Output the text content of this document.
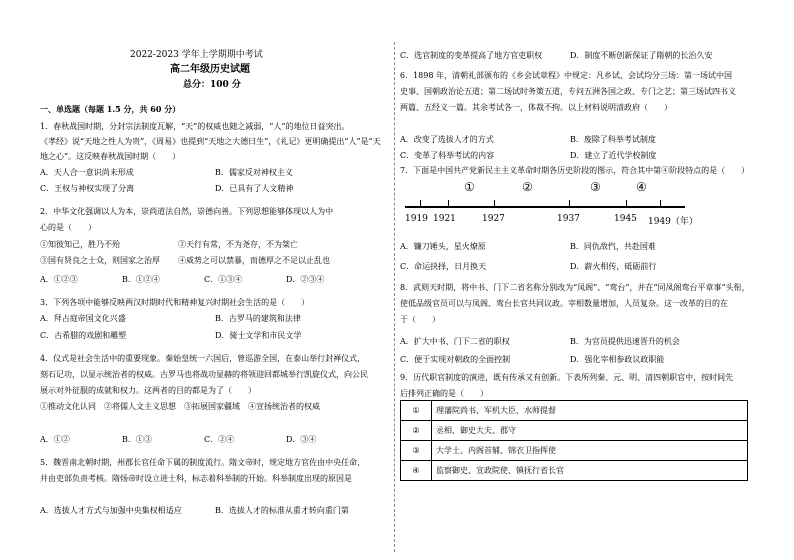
2022-2023 学年上学期期中考试
高二年级历史试题
总分：100 分
一、单选题（每题 1.5 分，共 60 分）
1．春秋战国时期，分封宗法制度瓦解，“天”的权威也随之减弱，“人”的地位日益突出。
《孝经》说“天地之性人为贵”，《周易》也提到“天地之大德曰生”，《礼记》更明确提出“人”是“天
地之心”。这反映春秋战国时期（　　）
A．天人合一意识尚未形成	B．儒家反对神权主义
C．王权与神权实现了分离	D．已具有了人文精神
2．中华文化强调以人为本，崇尚道法自然，崇德向善。下列思想能够体现以人为中
心的是（　　）
①知彼知己，胜乃不殆	②天行有常，不为尧存，不为桀亡
③国有贤良之士众，则国家之治厚 ④威势之可以禁暴，而德厚之不足以止乱也
A．①②③	B．①②④	C．①③④	D．②③④
3．下列各项中能够反映两汉时期时代和精神复兴时期社会生活的是（　　）
A．拜占庭帝国文化兴盛	B．古罗马的建筑和法律
C．古希腊的戏剧和雕塑	D．骑士文学和市民文学
4．仪式是社会生活中的重要现象。秦始皇统一六国后，曾巡游全国，在泰山举行封禅仪式，
刻石记功，以显示统治者的权威。古罗马也将战功显赫的将领迎回都城举行凯旋仪式，向公民
展示对外征服的成就和权力。这两者的目的都是为了（　　）
①推动文化认同　②将儒人文主义思想　③拓展国家疆域　④宣扬统治者的权威
A．①②	B．①③	C．②④	D．③④
5．魏晋南北朝时期，州郡长官任命下属的制度流行。隋文帝时，规定地方官佐由中央任命，
并由吏部负责考核。隋炀帝时设立进士科，标志着科举制的开始。科举制度出现的原因是
A．选拔人才方式与加强中央集权相适应	B．选拔人才的标准从重才转向重门第
C．选官制度的变革提高了地方官吏职权	D．制度不断创新保证了隋朝的长治久安
6．1898 年，清朝礼部颁布的《乡会试章程》中规定：凡乡试、会试均分三场：第一场试中国
史事、国朝政治论五道；第二场试时务策五道，专问五洲各国之政、专门之艺；第三场试四书义
两篇、五经义一篇。其余考试各一，体裁不拘。以上材料说明清政府（　　）
A．改变了选拔人才的方式	B．废除了科举考试制度
C．变革了科举考试的内容	D．建立了近代学校制度
7．下面是中国共产党新民主主义革命时期各历史阶段的图示，符合其中第④阶段特点的是（　　）
①	②	③	④
1919 1921	1927	1937	1945 1949（年）
A．镰刀锤头，星火燎原	B．同仇敌忾，共赴国难
C．命运抉择，日月换天	D．薪火相传，砥砺前行
8．武则天时期，将中书、门下二省名称分别改为“凤阁”、“鸾台”，并在“同凤阁鸾台平章事”头衔，
使低品级官员可以与凤阁、鸾台长官共同议政。宰相数量增加，人员复杂。这一改革的目的在
于（　　）
A．扩大中书、门下二省的职权	B．为官员提供迅速晋升的机会
C．便于实现对朝政的全面控制	D．强化宰相参政议政职能
9．历代职官制度的演进，既有传承又有创新。下表所列秦、元、明、清四朝职官中，按时间先
后排列正确的是（　　）
①	理藩院尚书、军机大臣、水师提督
②	丞相、御史大夫、郡守
③	大学士、内阁首辅、锦衣卫指挥使
④	监察御史、宣政院使、镇抚行省长官
